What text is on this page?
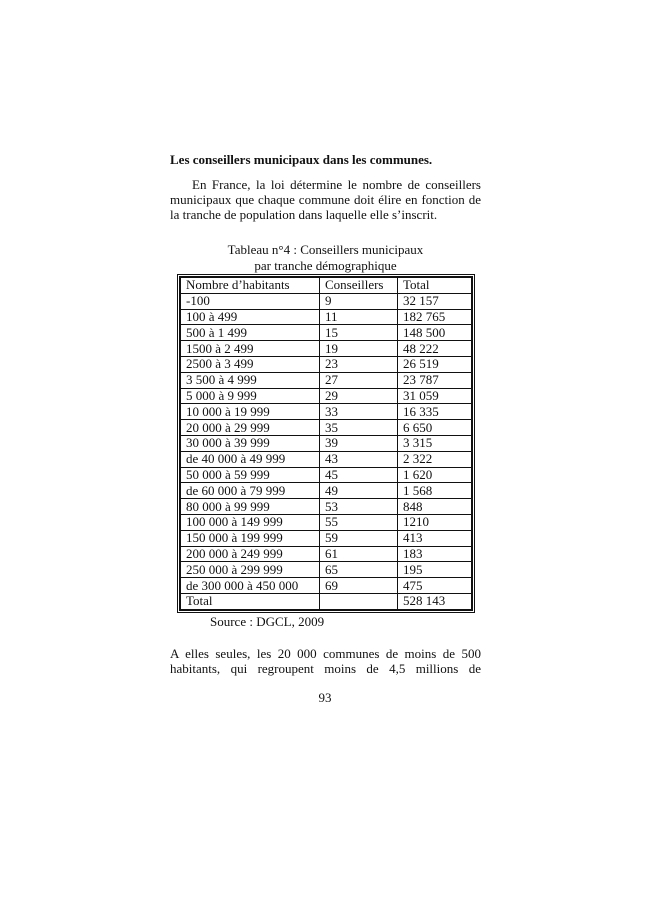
Les conseillers municipaux dans les communes.
En France, la loi détermine le nombre de conseillers municipaux que chaque commune doit élire en fonction de la tranche de population dans laquelle elle s’inscrit.
Tableau n°4 : Conseillers municipaux
par tranche démographique
Nombre d’habitants	Conseillers	Total
-100	9	32 157
100 à 499	11	182 765
500 à 1 499	15	148 500
1500 à 2 499	19	48 222
2500 à 3 499	23	26 519
3 500 à 4 999	27	23 787
5 000 à 9 999	29	31 059
10 000 à 19 999	33	16 335
20 000 à 29 999	35	6 650
30 000 à 39 999	39	3 315
de 40 000 à 49 999	43	2 322
50 000 à 59 999	45	1 620
de 60 000 à 79 999	49	1 568
80 000 à 99 999	53	848
100 000 à 149 999	55	1210
150 000 à 199 999	59	413
200 000 à 249 999	61	183
250 000 à 299 999	65	195
de 300 000 à 450 000	69	475
Total		528 143
Source : DGCL, 2009
A elles seules, les 20 000 communes de moins de 500 habitants, qui regroupent moins de 4,5 millions de
93
